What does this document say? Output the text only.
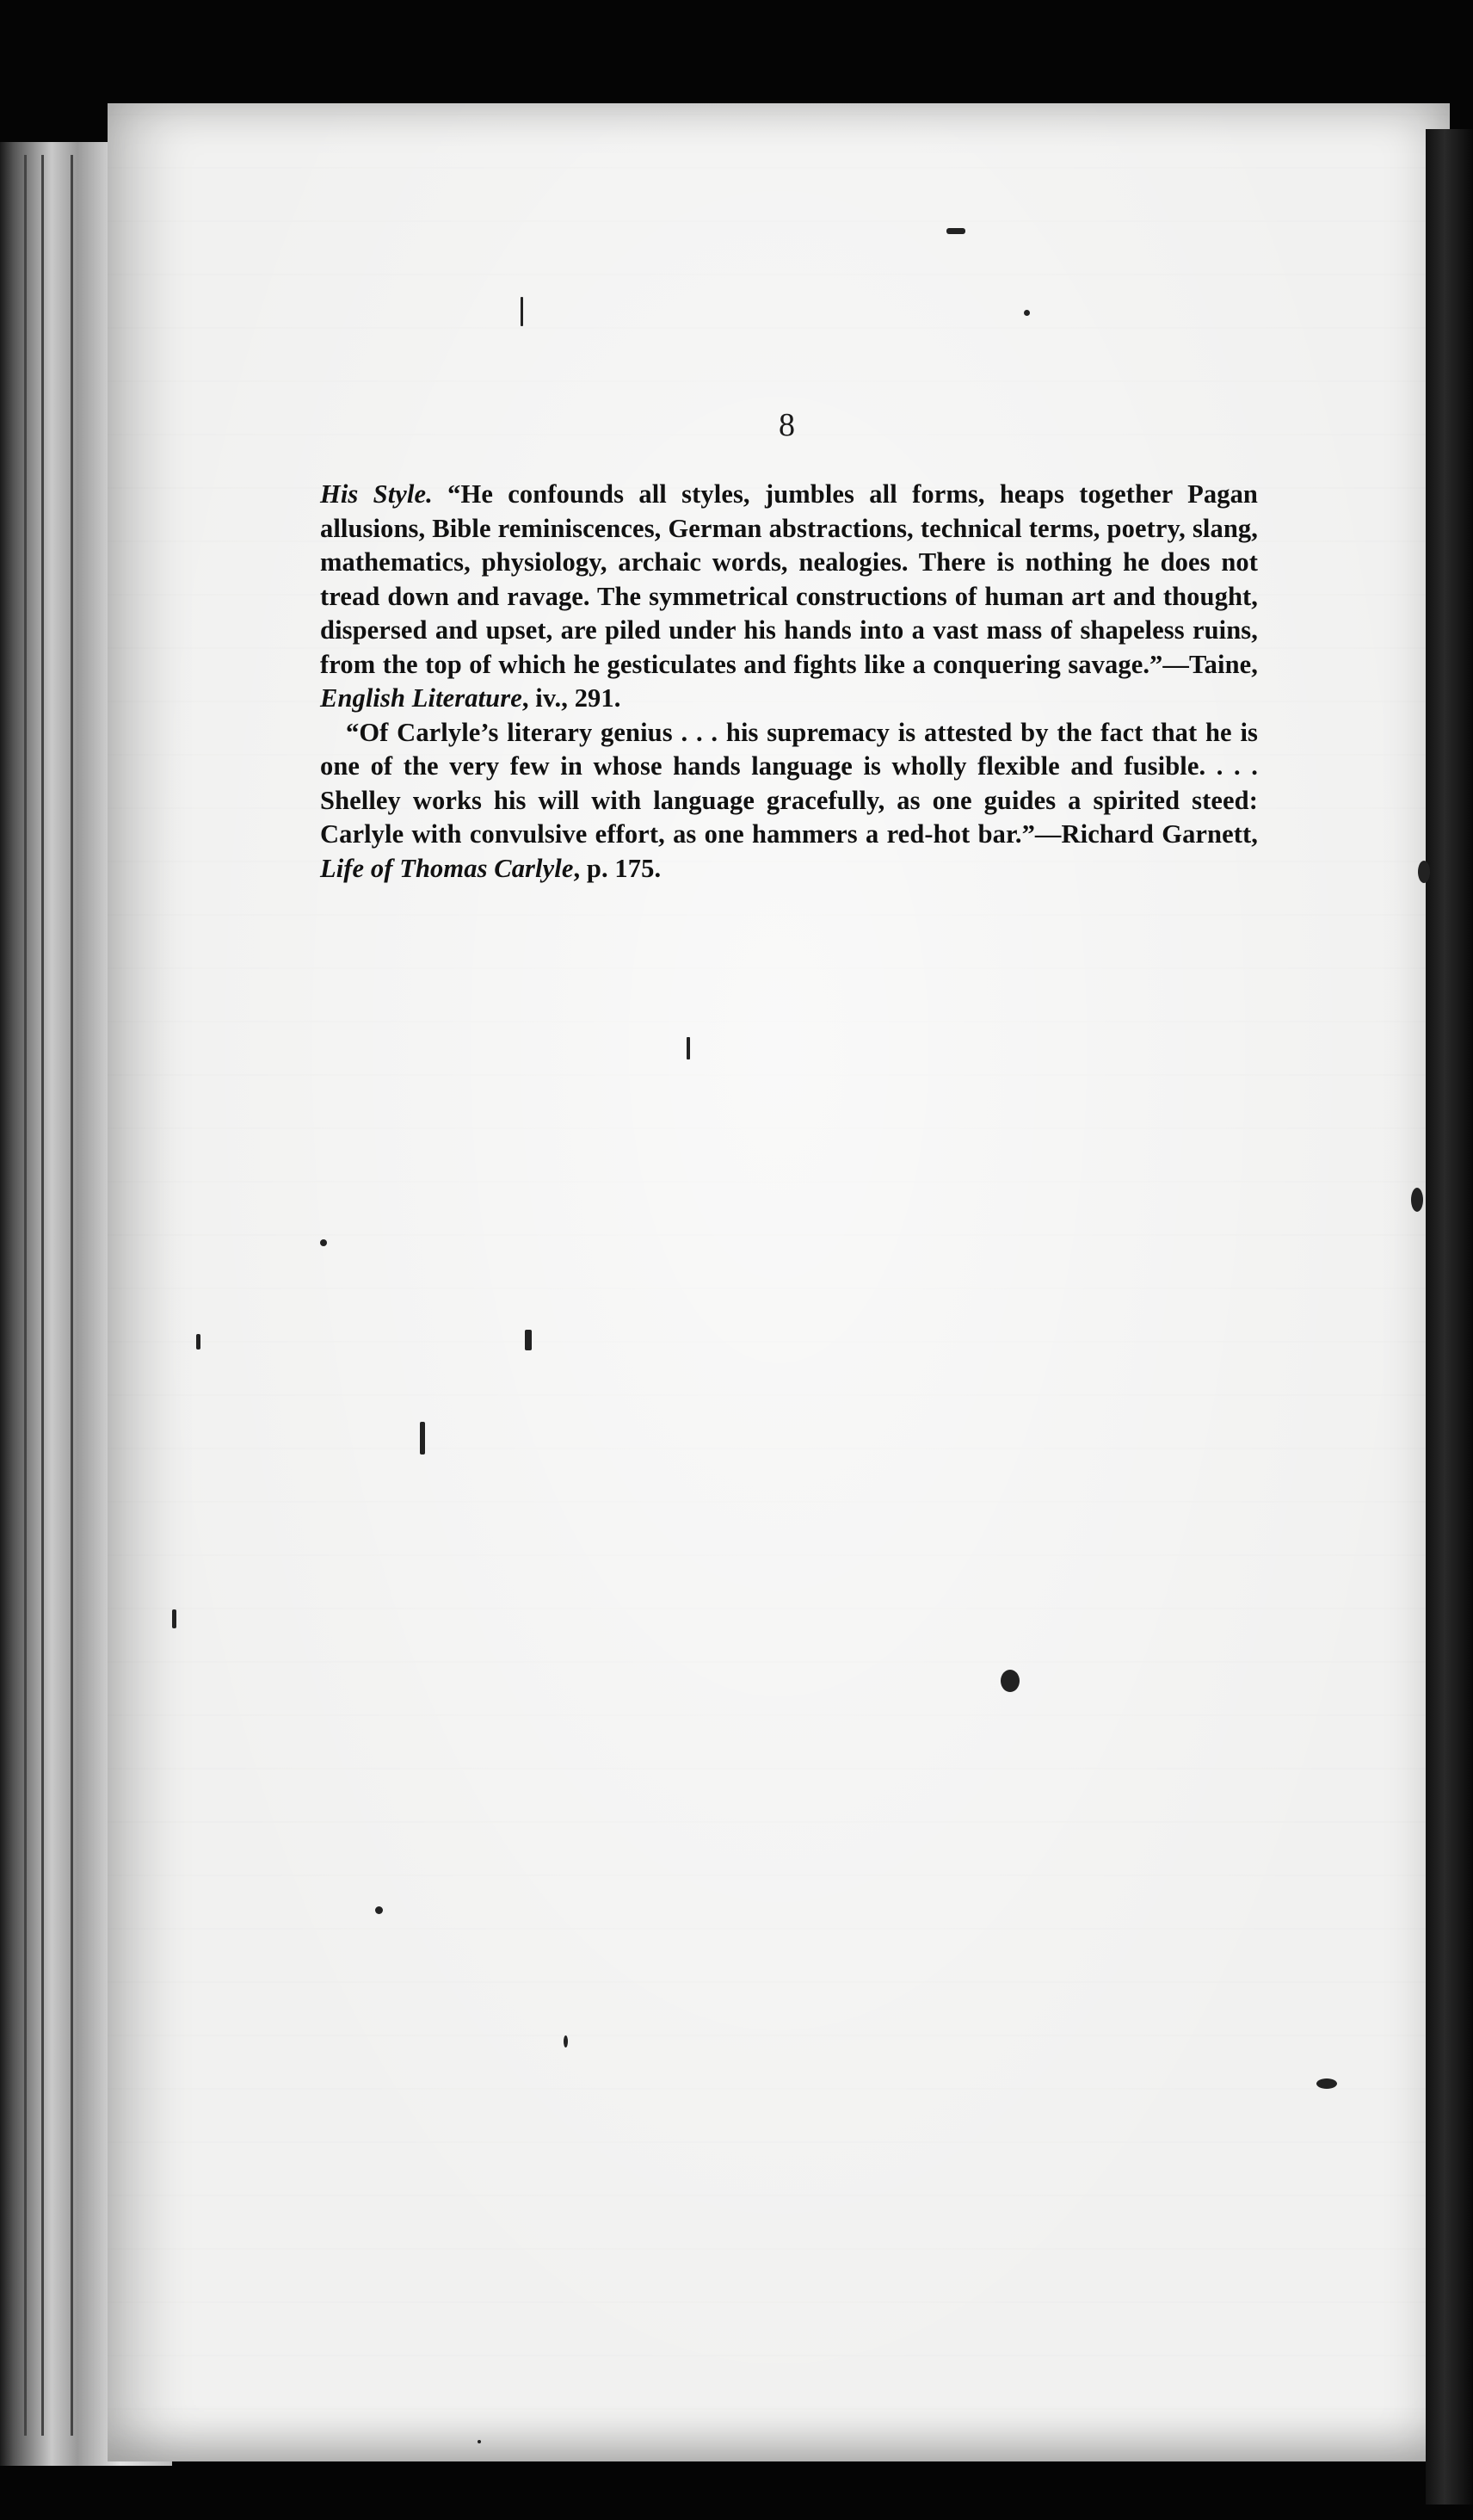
8

His Style. “He confounds all styles, jumbles all forms, heaps together Pagan allusions, Bible reminiscences, German abstractions, technical terms, poetry, slang, mathematics, physiology, archaic words, nealogies. There is nothing he does not tread down and ravage. The symmetrical constructions of human art and thought, dispersed and upset, are piled under his hands into a vast mass of shapeless ruins, from the top of which he gesticulates and fights like a conquering savage.”—Taine, English Literature, iv., 291.

“Of Carlyle’s literary genius . . . his supremacy is attested by the fact that he is one of the very few in whose hands language is wholly flexible and fusible. . . . Shelley works his will with language gracefully, as one guides a spirited steed: Carlyle with convulsive effort, as one hammers a red-hot bar.”—Richard Garnett, Life of Thomas Carlyle, p. 175.
